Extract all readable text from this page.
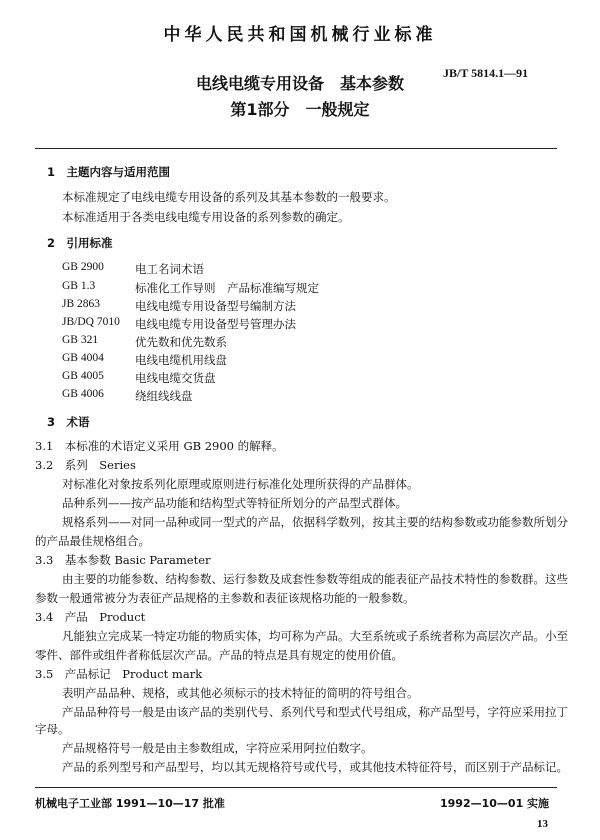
中华人民共和国机械行业标准
电线电缆专用设备　基本参数
第1部分　一般规定
JB/T 5814.1—91
1　主题内容与适用范围
本标准规定了电线电缆专用设备的系列及其基本参数的一般要求。
本标准适用于各类电线电缆专用设备的系列参数的确定。
2　引用标准
GB 2900	电工名词术语
GB 1.3	标准化工作导则　产品标准编写规定
JB 2863	电线电缆专用设备型号编制方法
JB/DQ 7010 电线电缆专用设备型号管理办法
GB 321	优先数和优先数系
GB 4004	电线电缆机用线盘
GB 4005	电线电缆交货盘
GB 4006	绕组线线盘
3　术语
3.1　本标准的术语定义采用 GB 2900 的解释。
3.2　系列　Series
对标准化对象按系列化原理或原则进行标准化处理所获得的产品群体。
品种系列——按产品功能和结构型式等特征所划分的产品型式群体。
规格系列——对同一品种或同一型式的产品，依据科学数列，按其主要的结构参数或功能参数所划分
的产品最佳规格组合。
3.3　基本参数 Basic Parameter
由主要的功能参数、结构参数、运行参数及成套性参数等组成的能表征产品技术特性的参数群。这些
参数一般通常被分为表征产品规格的主参数和表征该规格功能的一般参数。
3.4　产品　Product
凡能独立完成某一特定功能的物质实体，均可称为产品。大至系统或子系统者称为高层次产品。小至
零件、部件或组件者称低层次产品。产品的特点是具有规定的使用价值。
3.5　产品标记　Product mark
表明产品品种、规格，或其他必须标示的技术特征的简明的符号组合。
产品品种符号一般是由该产品的类别代号、系列代号和型式代号组成，称产品型号，字符应采用拉丁
字母。
产品规格符号一般是由主参数组成，字符应采用阿拉伯数字。
产品的系列型号和产品型号，均以其无规格符号或代号，或其他技术特征符号，而区别于产品标记。
机械电子工业部 1991—10—17 批准	1992—10—01 实施
13
